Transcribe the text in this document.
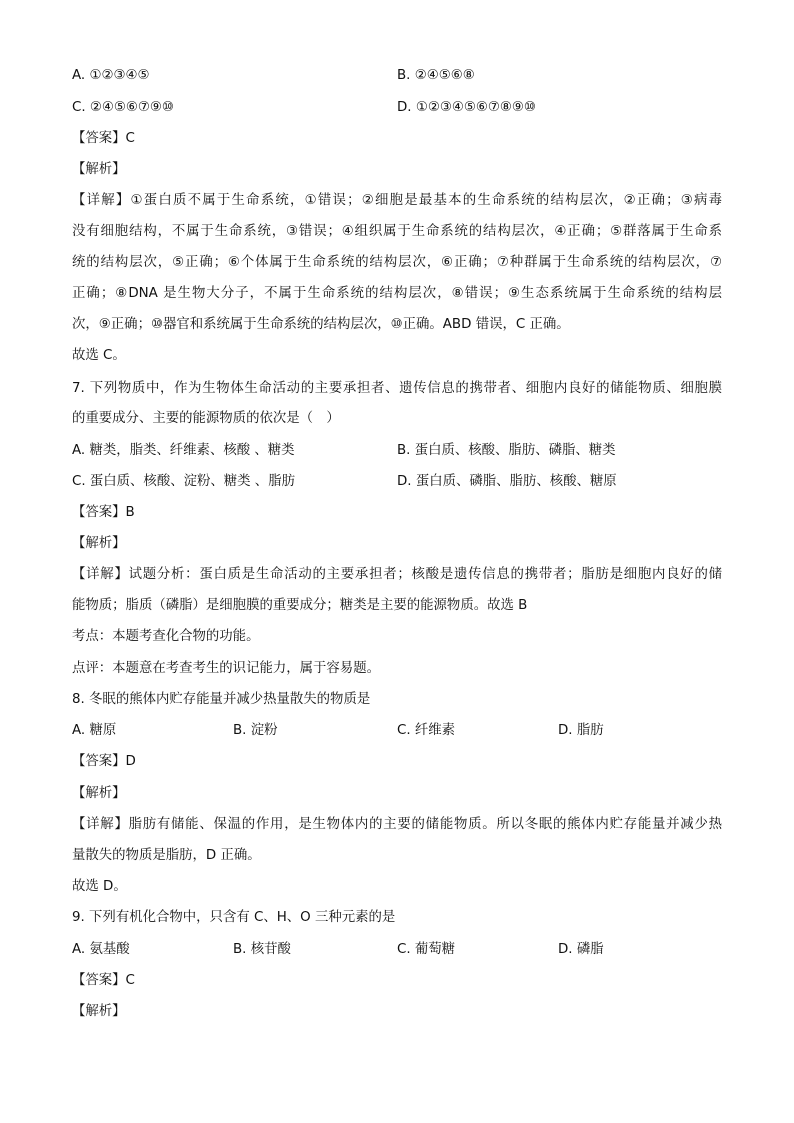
A. ①②③④⑤	B. ②④⑤⑥⑧
C. ②④⑤⑥⑦⑨⑩	D. ①②③④⑤⑥⑦⑧⑨⑩
【答案】C
【解析】
【详解】①蛋白质不属于生命系统，①错误；②细胞是最基本的生命系统的结构层次，②正确；③病毒
没有细胞结构，不属于生命系统，③错误；④组织属于生命系统的结构层次，④正确；⑤群落属于生命系
统的结构层次，⑤正确；⑥个体属于生命系统的结构层次，⑥正确；⑦种群属于生命系统的结构层次，⑦
正确；⑧DNA 是生物大分子，不属于生命系统的结构层次，⑧错误；⑨生态系统属于生命系统的结构层
次，⑨正确；⑩器官和系统属于生命系统的结构层次，⑩正确。ABD 错误，C 正确。
故选 C。
7. 下列物质中，作为生物体生命活动的主要承担者、遗传信息的携带者、细胞内良好的储能物质、细胞膜
的重要成分、主要的能源物质的依次是（　）
A. 糖类，脂类、纤维素、核酸 、糖类	B. 蛋白质、核酸、脂肪、磷脂、糖类
C. 蛋白质、核酸、淀粉、糖类 、脂肪	D. 蛋白质、磷脂、脂肪、核酸、糖原
【答案】B
【解析】
【详解】试题分析：蛋白质是生命活动的主要承担者；核酸是遗传信息的携带者；脂肪是细胞内良好的储
能物质；脂质（磷脂）是细胞膜的重要成分；糖类是主要的能源物质。故选 B
考点：本题考查化合物的功能。
点评：本题意在考查考生的识记能力，属于容易题。
8. 冬眠的熊体内贮存能量并减少热量散失的物质是
A. 糖原	B. 淀粉	C. 纤维素	D. 脂肪
【答案】D
【解析】
【详解】脂肪有储能、保温的作用，是生物体内的主要的储能物质。所以冬眠的熊体内贮存能量并减少热
量散失的物质是脂肪，D 正确。
故选 D。
9. 下列有机化合物中，只含有 C、H、O 三种元素的是
A. 氨基酸	B. 核苷酸	C. 葡萄糖	D. 磷脂
【答案】C
【解析】
